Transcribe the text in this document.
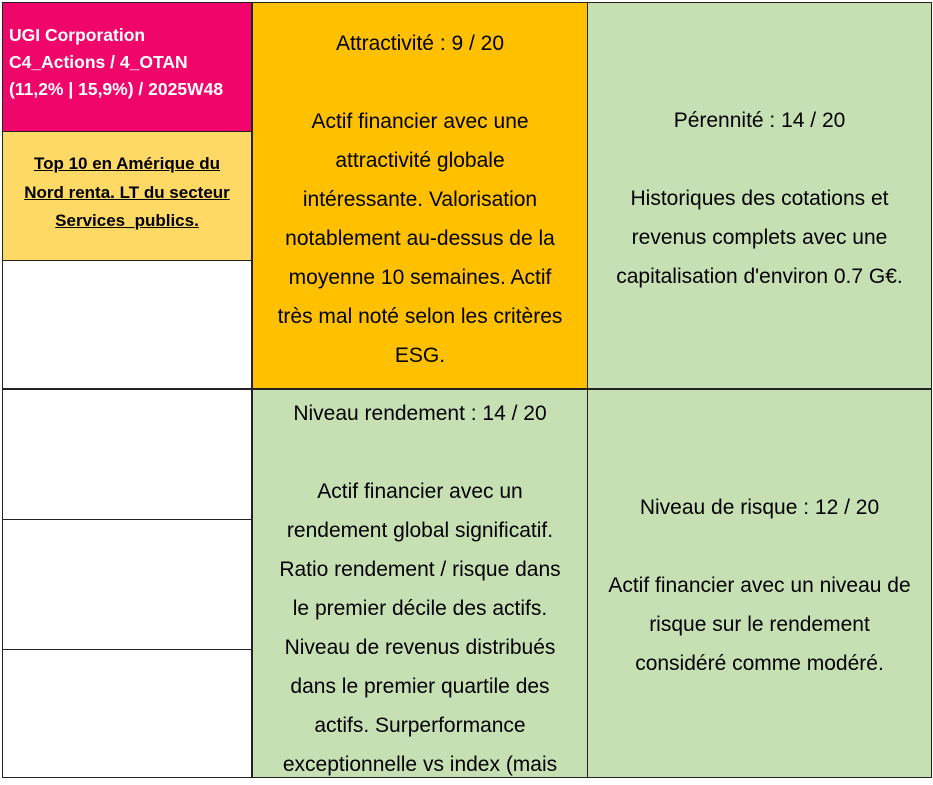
UGI Corporation
C4_Actions / 4_OTAN
(11,2% | 15,9%) / 2025W48
Top 10 en Amérique du
Nord renta. LT du secteur
Services_publics.
Attractivité : 9 / 20
Actif financier avec une
attractivité globale
intéressante. Valorisation
notablement au-dessus de la
moyenne 10 semaines. Actif
très mal noté selon les critères
ESG.
Pérennité : 14 / 20
Historiques des cotations et
revenus complets avec une
capitalisation d'environ 0.7 G€.
Niveau rendement : 14 / 20
Actif financier avec un
rendement global significatif.
Ratio rendement / risque dans
le premier décile des actifs.
Niveau de revenus distribués
dans le premier quartile des
actifs. Surperformance
exceptionnelle vs index (mais
Niveau de risque : 12 / 20
Actif financier avec un niveau de
risque sur le rendement
considéré comme modéré.
